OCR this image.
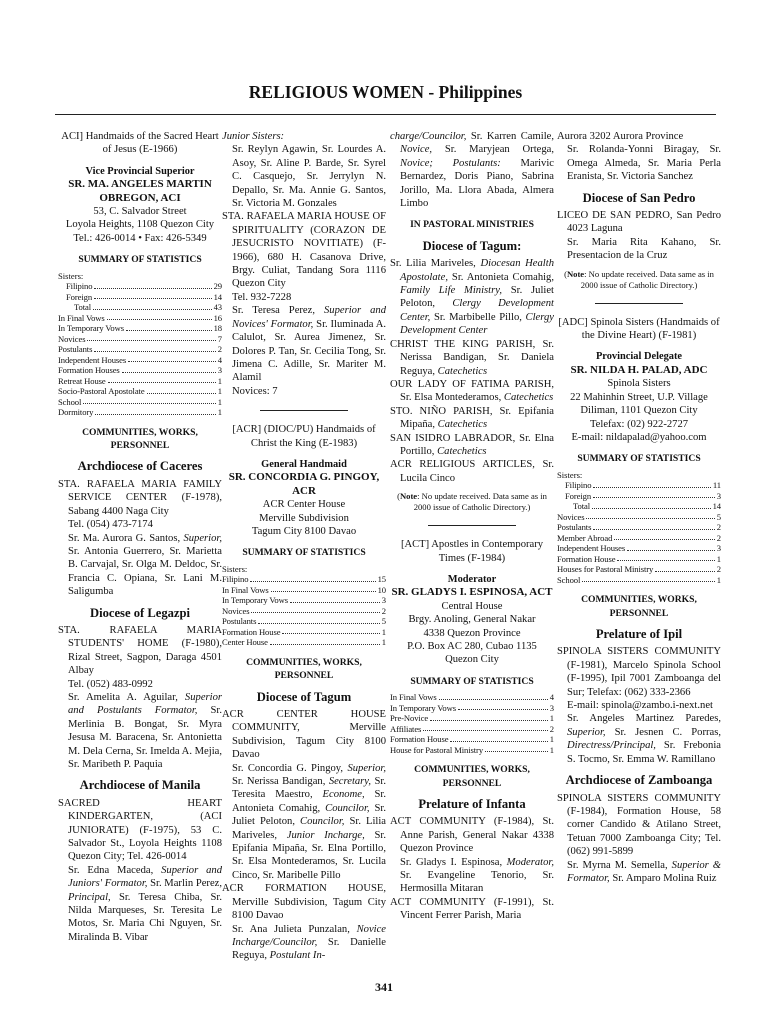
RELIGIOUS WOMEN - Philippines

ACI] Handmaids of the Sacred Heart of Jesus (E-1966)

Vice Provincial Superior

SR. MA. ANGELES MARTIN OBREGON, ACI

53, C. Salvador Street

Loyola Heights, 1108 Quezon City

Tel.: 426-0014 • Fax: 426-5349

SUMMARY OF STATISTICS

Sisters:

Filipino	29
Foreign	14
Total	43
In Final Vows	16
In Temporary Vows	18
Novices	7
Postulants	2
Independent Houses	4
Formation Houses	3
Retreat House	1
Socio-Pastoral Apostolate	1
School	1
Dormitory	1

COMMUNITIES, WORKS, PERSONNEL

Archdiocese of Caceres

STA. RAFAELA MARIA FAMILY SERVICE CENTER (F-1978), Sabang 4400 Naga City
Tel. (054) 473-7174
Sr. Ma. Aurora G. Santos, Superior, Sr. Antonia Guerrero, Sr. Marietta B. Carvajal, Sr. Olga M. Deldoc, Sr. Francia C. Opiana, Sr. Lani M. Saligumba

Diocese of Legazpi

STA. RAFAELA MARIA STUDENTS' HOME (F-1980), Rizal Street, Sagpon, Daraga 4501 Albay
Tel. (052) 483-0992
Sr. Amelita A. Aguilar, Superior and Postulants Formator, Sr. Merlinia B. Bongat, Sr. Myra Jesusa M. Baracena, Sr. Antonietta M. Dela Cerna, Sr. Imelda A. Mejia, Sr. Maribeth P. Paquia

Archdiocese of Manila

SACRED HEART KINDERGARTEN, (ACI JUNIORATE) (F-1975), 53 C. Salvador St., Loyola Heights 1108 Quezon City; Tel. 426-0014
Sr. Edna Maceda, Superior and Juniors' Formator, Sr. Marlin Perez, Principal, Sr. Teresa Chiba, Sr. Nilda Marqueses, Sr. Teresita Le Motos, Sr. Maria Chi Nguyen, Sr. Miralinda B. Vibar

Junior Sisters:
Sr. Reylyn Agawin, Sr. Lourdes A. Asoy, Sr. Aline P. Barde, Sr. Syrel C. Casquejo, Sr. Jerrylyn N. Depallo, Sr. Ma. Annie G. Santos, Sr. Victoria M. Gonzales

STA. RAFAELA MARIA HOUSE OF SPIRITUALITY (CORAZON DE JESUCRISTO NOVITIATE) (F-1966), 680 H. Casanova Drive, Brgy. Culiat, Tandang Sora 1116 Quezon City
Tel. 932-7228
Sr. Teresa Perez, Superior and Novices' Formator, Sr. Iluminada A. Calulot, Sr. Aurea Jimenez, Sr. Dolores P. Tan, Sr. Cecilia Tong, Sr. Jimena C. Adille, Sr. Mariter M. Alamil
Novices: 7

[ACR] (DIOC/PU) Handmaids of Christ the King (E-1983)

General Handmaid

SR. CONCORDIA G. PINGOY, ACR

ACR Center House

Merville Subdivision

Tagum City 8100 Davao

SUMMARY OF STATISTICS

Sisters:

Filipino	15
In Final Vows	10
In Temporary Vows	3
Novices	2
Postulants	5
Formation House	1
Center House	1

COMMUNITIES, WORKS, PERSONNEL

Diocese of Tagum

ACR CENTER HOUSE COMMUNITY, Merville Subdivision, Tagum City 8100 Davao
Sr. Concordia G. Pingoy, Superior, Sr. Nerissa Bandigan, Secretary, Sr. Teresita Maestro, Econome, Sr. Antonieta Comahig, Councilor, Sr. Juliet Peloton, Councilor, Sr. Lilia Mariveles, Junior Incharge, Sr. Epifania Mipaña, Sr. Elna Portillo, Sr. Elsa Montederamos, Sr. Lucila Cinco, Sr. Maribelle Pillo

ACR FORMATION HOUSE, Merville Subdivision, Tagum City 8100 Davao
Sr. Ana Julieta Punzalan, Novice Incharge/Councilor, Sr. Danielle Reguya, Postulant In-

charge/Councilor, Sr. Karren Camile, Novice, Sr. Maryjean Ortega, Novice; Postulants: Marivic Bernardez, Doris Piano, Sabrina Jorillo, Ma. Llora Abada, Almera Limbo

IN PASTORAL MINISTRIES

Diocese of Tagum:

Sr. Lilia Mariveles, Diocesan Health Apostolate, Sr. Antonieta Comahig, Family Life Ministry, Sr. Juliet Peloton, Clergy Development Center, Sr. Marbibelle Pillo, Clergy Development Center

CHRIST THE KING PARISH, Sr. Nerissa Bandigan, Sr. Daniela Reguya, Catechetics

OUR LADY OF FATIMA PARISH, Sr. Elsa Montederamos, Catechetics

STO. NIÑO PARISH, Sr. Epifania Mipaña, Catechetics

SAN ISIDRO LABRADOR, Sr. Elna Portillo, Catechetics

ACR RELIGIOUS ARTICLES, Sr. Lucila Cinco

(Note: No update received. Data same as in 2000 issue of Catholic Directory.)

[ACT] Apostles in Contemporary Times (F-1984)

Moderator

SR. GLADYS I. ESPINOSA, ACT

Central House

Brgy. Anoling, General Nakar

4338 Quezon Province

P.O. Box AC 280, Cubao 1135

Quezon City

SUMMARY OF STATISTICS

In Final Vows	4
In Temporary Vows	3
Pre-Novice	1
Affiliates	2
Formation House	1
House for Pastoral Ministry	1

COMMUNITIES, WORKS, PERSONNEL

Prelature of Infanta

ACT COMMUNITY (F-1984), St. Anne Parish, General Nakar 4338 Quezon Province
Sr. Gladys I. Espinosa, Moderator, Sr. Evangeline Tenorio, Sr. Hermosilla Mitaran

ACT COMMUNITY (F-1991), St. Vincent Ferrer Parish, Maria

Aurora 3202 Aurora Province
Sr. Rolanda-Yonni Biragay, Sr. Omega Almeda, Sr. Maria Perla Eranista, Sr. Victoria Sanchez

Diocese of San Pedro

LICEO DE SAN PEDRO, San Pedro 4023 Laguna
Sr. Maria Rita Kahano, Sr. Presentacion de la Cruz

(Note: No update received. Data same as in 2000 issue of Catholic Directory.)

[ADC] Spinola Sisters (Handmaids of the Divine Heart) (F-1981)

Provincial Delegate

SR. NILDA H. PALAD, ADC

Spinola Sisters

22 Mahinhin Street, U.P. Village

Diliman, 1101 Quezon City

Telefax: (02) 922-2727

E-mail: nildapalad@yahoo.com

SUMMARY OF STATISTICS

Sisters:

Filipino	11
Foreign	3
Total	14
Novices	5
Postulants	2
Member Abroad	2
Independent Houses	3
Formation House	1
Houses for Pastoral Ministry	2
School	1

COMMUNITIES, WORKS, PERSONNEL

Prelature of Ipil

SPINOLA SISTERS COMMUNITY (F-1981), Marcelo Spinola School (F-1995), Ipil 7001 Zamboanga del Sur; Telefax: (062) 333-2366
E-mail: spinola@zambo.i-next.net
Sr. Angeles Martinez Paredes, Superior, Sr. Jesnen C. Porras, Directress/Principal, Sr. Frebonia S. Tocmo, Sr. Emma W. Ramillano

Archdiocese of Zamboanga

SPINOLA SISTERS COMMUNITY (F-1984), Formation House, 58 corner Candido & Atilano Street, Tetuan 7000 Zamboanga City; Tel. (062) 991-5899
Sr. Myrna M. Semella, Superior & Formator, Sr. Amparo Molina Ruiz

341
